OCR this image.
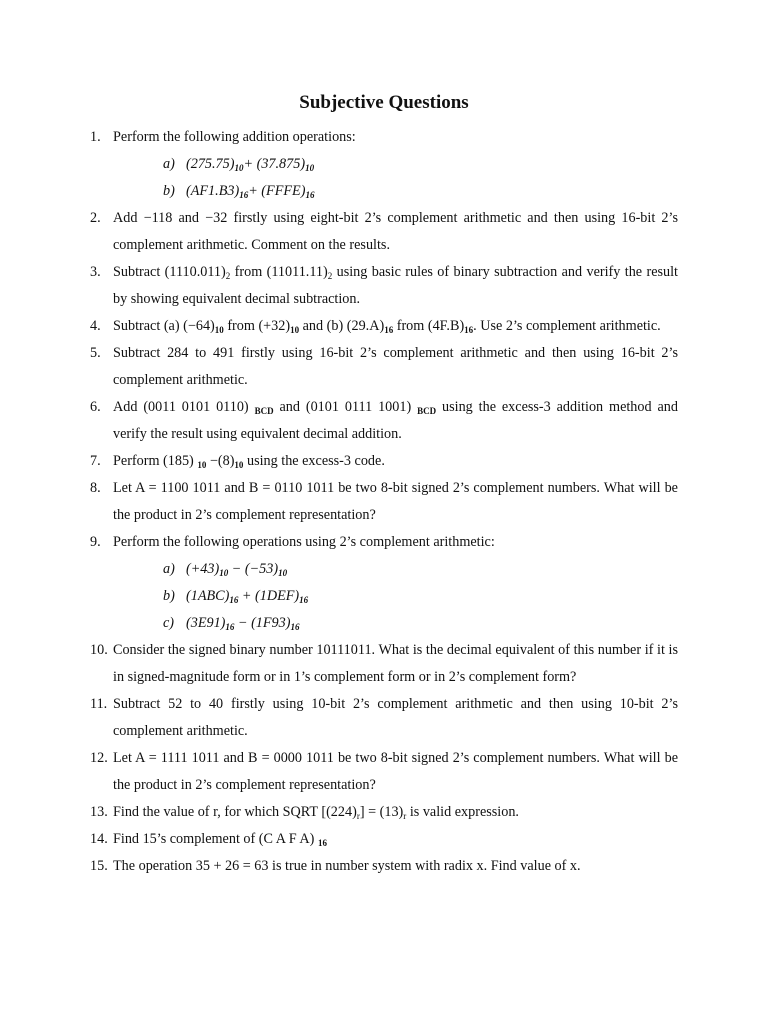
Subjective Questions
1. Perform the following addition operations:
a) $(275.75)_{10}+ (37.875)_{10}$
b) $(AF1.B3)_{16}+$ $(FFFE)_{16}$
2. Add −118 and −32 firstly using eight-bit 2’s complement arithmetic and then using 16-bit 2’s complement arithmetic. Comment on the results.
3. Subtract $(1110.011)_2$ from $(11011.11)_2$ using basic rules of binary subtraction and verify the result by showing equivalent decimal subtraction.
4. Subtract (a) $(-64)_{10}$ from $(+32)_{10}$ and (b) $(29.A)_{16}$ from $(4F.B)_{16}$. Use 2’s complement arithmetic.
5. Subtract 284 to 491 firstly using 16-bit 2’s complement arithmetic and then using 16-bit 2’s complement arithmetic.
6. Add (0011 0101 0110) $_{BCD}$ and (0101 0111 1001) $_{BCD}$ using the excess-3 addition method and verify the result using equivalent decimal addition.
7. Perform (185) $_{10} -(8)_{10}$ using the excess-3 code.
8. Let A = 1100 1011 and B = 0110 1011 be two 8-bit signed 2’s complement numbers. What will be the product in 2’s complement representation?
9. Perform the following operations using 2’s complement arithmetic:
a) $(+43)_{10} - (-53)_{10}$
b) $(1ABC)_{16} + (1DEF)_{16}$
c) $(3E91)_{16} - (1F93)_{16}$
10. Consider the signed binary number 10111011. What is the decimal equivalent of this number if it is in signed-magnitude form or in 1’s complement form or in 2’s complement form?
11. Subtract 52 to 40 firstly using 10-bit 2’s complement arithmetic and then using 10-bit 2’s complement arithmetic.
12. Let A = 1111 1011 and B = 0000 1011 be two 8-bit signed 2’s complement numbers. What will be the product in 2’s complement representation?
13. Find the value of r, for which SQRT $[(224)_r] = (13)_r$ is valid expression.
14. Find 15’s complement of (C A F A) $_{16}$
15. The operation 35 + 26 = 63 is true in number system with radix x. Find value of x.
